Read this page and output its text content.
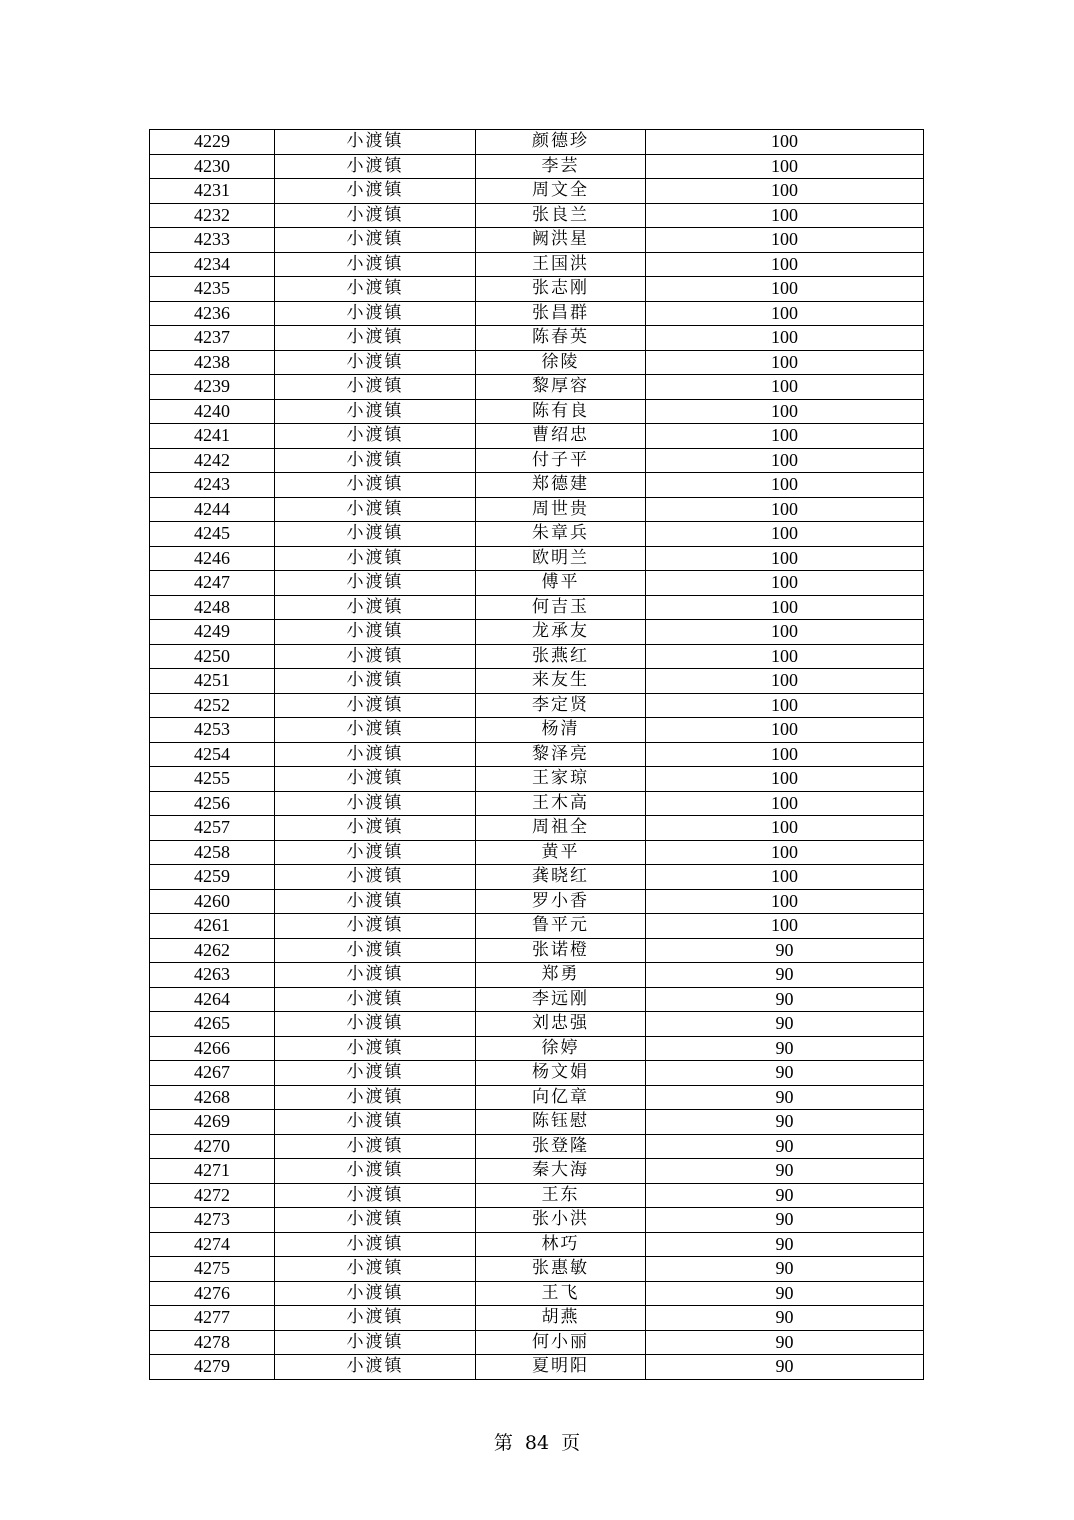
4229	小渡镇	颜德珍	100
4230	小渡镇	李芸	100
4231	小渡镇	周文全	100
4232	小渡镇	张良兰	100
4233	小渡镇	阙洪星	100
4234	小渡镇	王国洪	100
4235	小渡镇	张志刚	100
4236	小渡镇	张昌群	100
4237	小渡镇	陈春英	100
4238	小渡镇	徐陵	100
4239	小渡镇	黎厚容	100
4240	小渡镇	陈有良	100
4241	小渡镇	曹绍忠	100
4242	小渡镇	付子平	100
4243	小渡镇	郑德建	100
4244	小渡镇	周世贵	100
4245	小渡镇	朱章兵	100
4246	小渡镇	欧明兰	100
4247	小渡镇	傅平	100
4248	小渡镇	何吉玉	100
4249	小渡镇	龙承友	100
4250	小渡镇	张燕红	100
4251	小渡镇	来友生	100
4252	小渡镇	李定贤	100
4253	小渡镇	杨清	100
4254	小渡镇	黎泽亮	100
4255	小渡镇	王家琼	100
4256	小渡镇	王木高	100
4257	小渡镇	周祖全	100
4258	小渡镇	黄平	100
4259	小渡镇	龚晓红	100
4260	小渡镇	罗小香	100
4261	小渡镇	鲁平元	100
4262	小渡镇	张诺橙	90
4263	小渡镇	郑勇	90
4264	小渡镇	李远刚	90
4265	小渡镇	刘忠强	90
4266	小渡镇	徐婷	90
4267	小渡镇	杨文娟	90
4268	小渡镇	向亿章	90
4269	小渡镇	陈钰慰	90
4270	小渡镇	张登隆	90
4271	小渡镇	秦大海	90
4272	小渡镇	王东	90
4273	小渡镇	张小洪	90
4274	小渡镇	林巧	90
4275	小渡镇	张惠敏	90
4276	小渡镇	王飞	90
4277	小渡镇	胡燕	90
4278	小渡镇	何小丽	90
4279	小渡镇	夏明阳	90
第 84 页
